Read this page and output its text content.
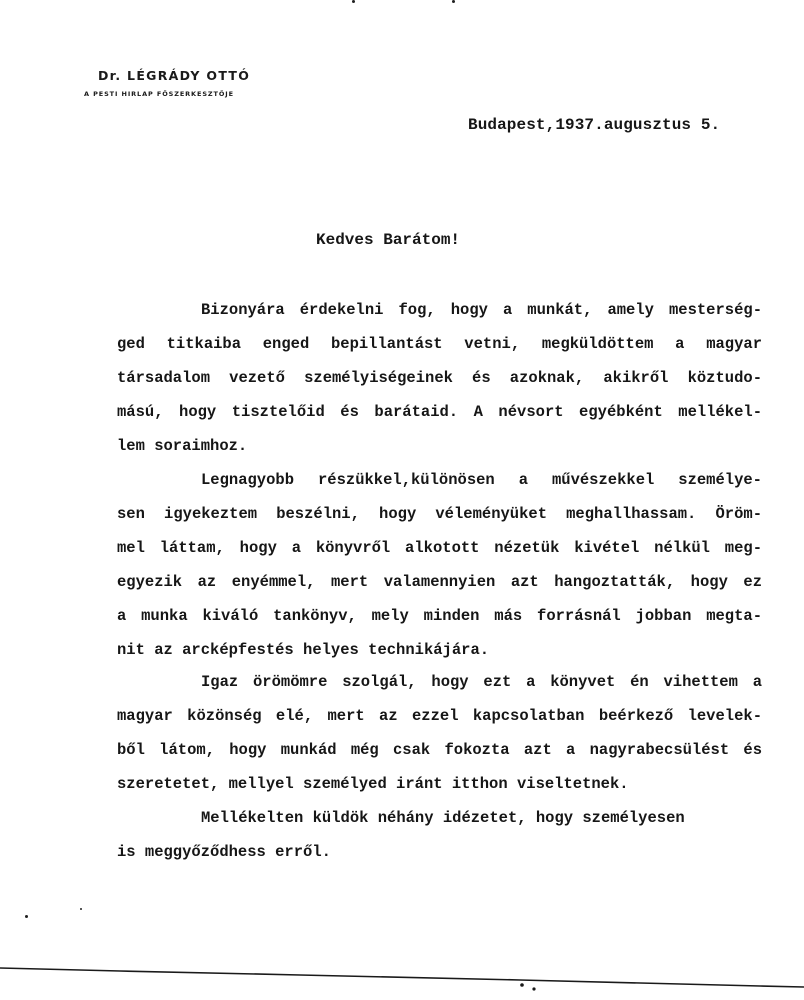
Dr. LÉGRÁDY OTTÓ
A PESTI HIRLAP FŐSZERKESZTŐJE
Budapest,1937.augusztus 5.
Kedves Barátom!
Bizonyára érdekelni fog, hogy a munkát, amely mesterség-
ged titkaiba enged bepillantást vetni, megküldöttem a magyar
társadalom vezető személyiségeinek és azoknak, akikről köztudo-
mású, hogy tisztelőid és barátaid. A névsort egyébként mellékel-
lem soraimhoz.
Legnagyobb részükkel,különösen a művészekkel személye-
sen igyekeztem beszélni, hogy véleményüket meghallhassam. Öröm-
mel láttam, hogy a könyvről alkotott nézetük kivétel nélkül meg-
egyezik az enyémmel, mert valamennyien azt hangoztatták, hogy ez
a munka kiváló tankönyv, mely minden más forrásnál jobban megta-
nit az arcképfestés helyes technikájára.
Igaz örömömre szolgál, hogy ezt a könyvet én vihettem a
magyar közönség elé, mert az ezzel kapcsolatban beérkező levelek-
ből látom, hogy munkád még csak fokozta azt a nagyrabecsülést és
szeretetet, mellyel személyed iránt itthon viseltetnek.
Mellékelten küldök néhány idézetet, hogy személyesen
is meggyőződhess erről.
